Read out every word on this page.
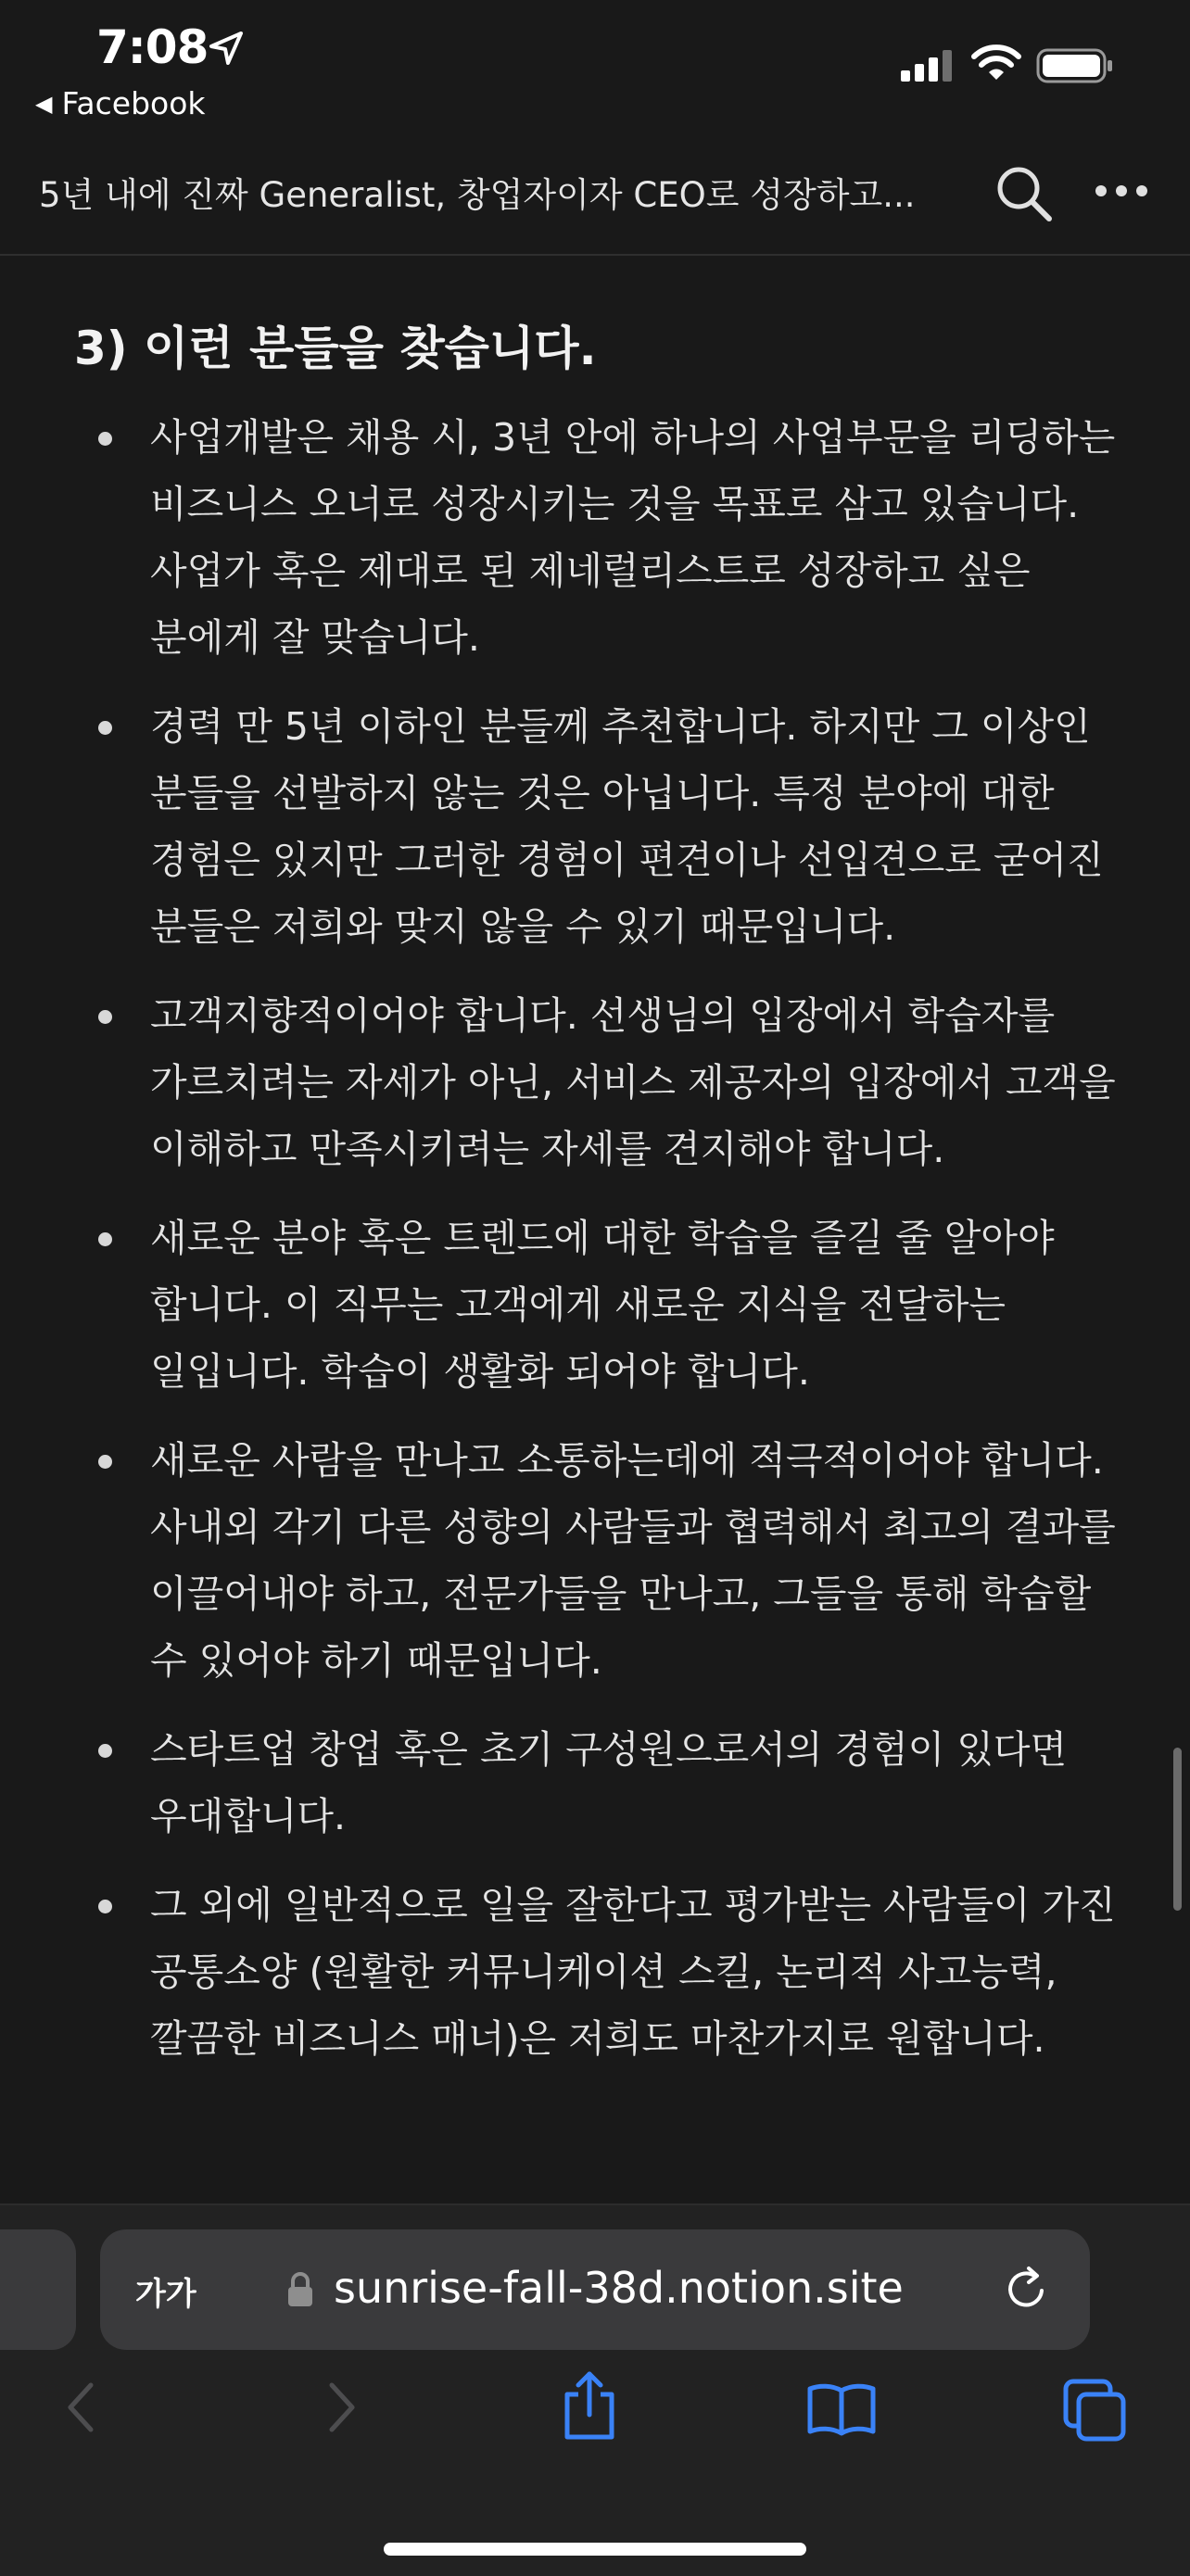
7:08
◀ Facebook
5년 내에 진짜 Generalist, 창업자이자 CEO로 성장하고...
3) 이런 분들을 찾습니다.
사업개발은 채용 시, 3년 안에 하나의 사업부문을 리딩하는 비즈니스 오너로 성장시키는 것을 목표로 삼고 있습니다. 사업가 혹은 제대로 된 제네럴리스트로 성장하고 싶은 분에게 잘 맞습니다.
경력 만 5년 이하인 분들께 추천합니다. 하지만 그 이상인 분들을 선발하지 않는 것은 아닙니다. 특정 분야에 대한 경험은 있지만 그러한 경험이 편견이나 선입견으로 굳어진 분들은 저희와 맞지 않을 수 있기 때문입니다.
고객지향적이어야 합니다. 선생님의 입장에서 학습자를 가르치려는 자세가 아닌, 서비스 제공자의 입장에서 고객을 이해하고 만족시키려는 자세를 견지해야 합니다.
새로운 분야 혹은 트렌드에 대한 학습을 즐길 줄 알아야 합니다. 이 직무는 고객에게 새로운 지식을 전달하는 일입니다. 학습이 생활화 되어야 합니다.
새로운 사람을 만나고 소통하는데에 적극적이어야 합니다. 사내외 각기 다른 성향의 사람들과 협력해서 최고의 결과를 이끌어내야 하고, 전문가들을 만나고, 그들을 통해 학습할 수 있어야 하기 때문입니다.
스타트업 창업 혹은 초기 구성원으로서의 경험이 있다면 우대합니다.
그 외에 일반적으로 일을 잘한다고 평가받는 사람들이 가진 공통소양 (원활한 커뮤니케이션 스킬, 논리적 사고능력, 깔끔한 비즈니스 매너)은 저희도 마찬가지로 원합니다.
가가	sunrise-fall-38d.notion.site
